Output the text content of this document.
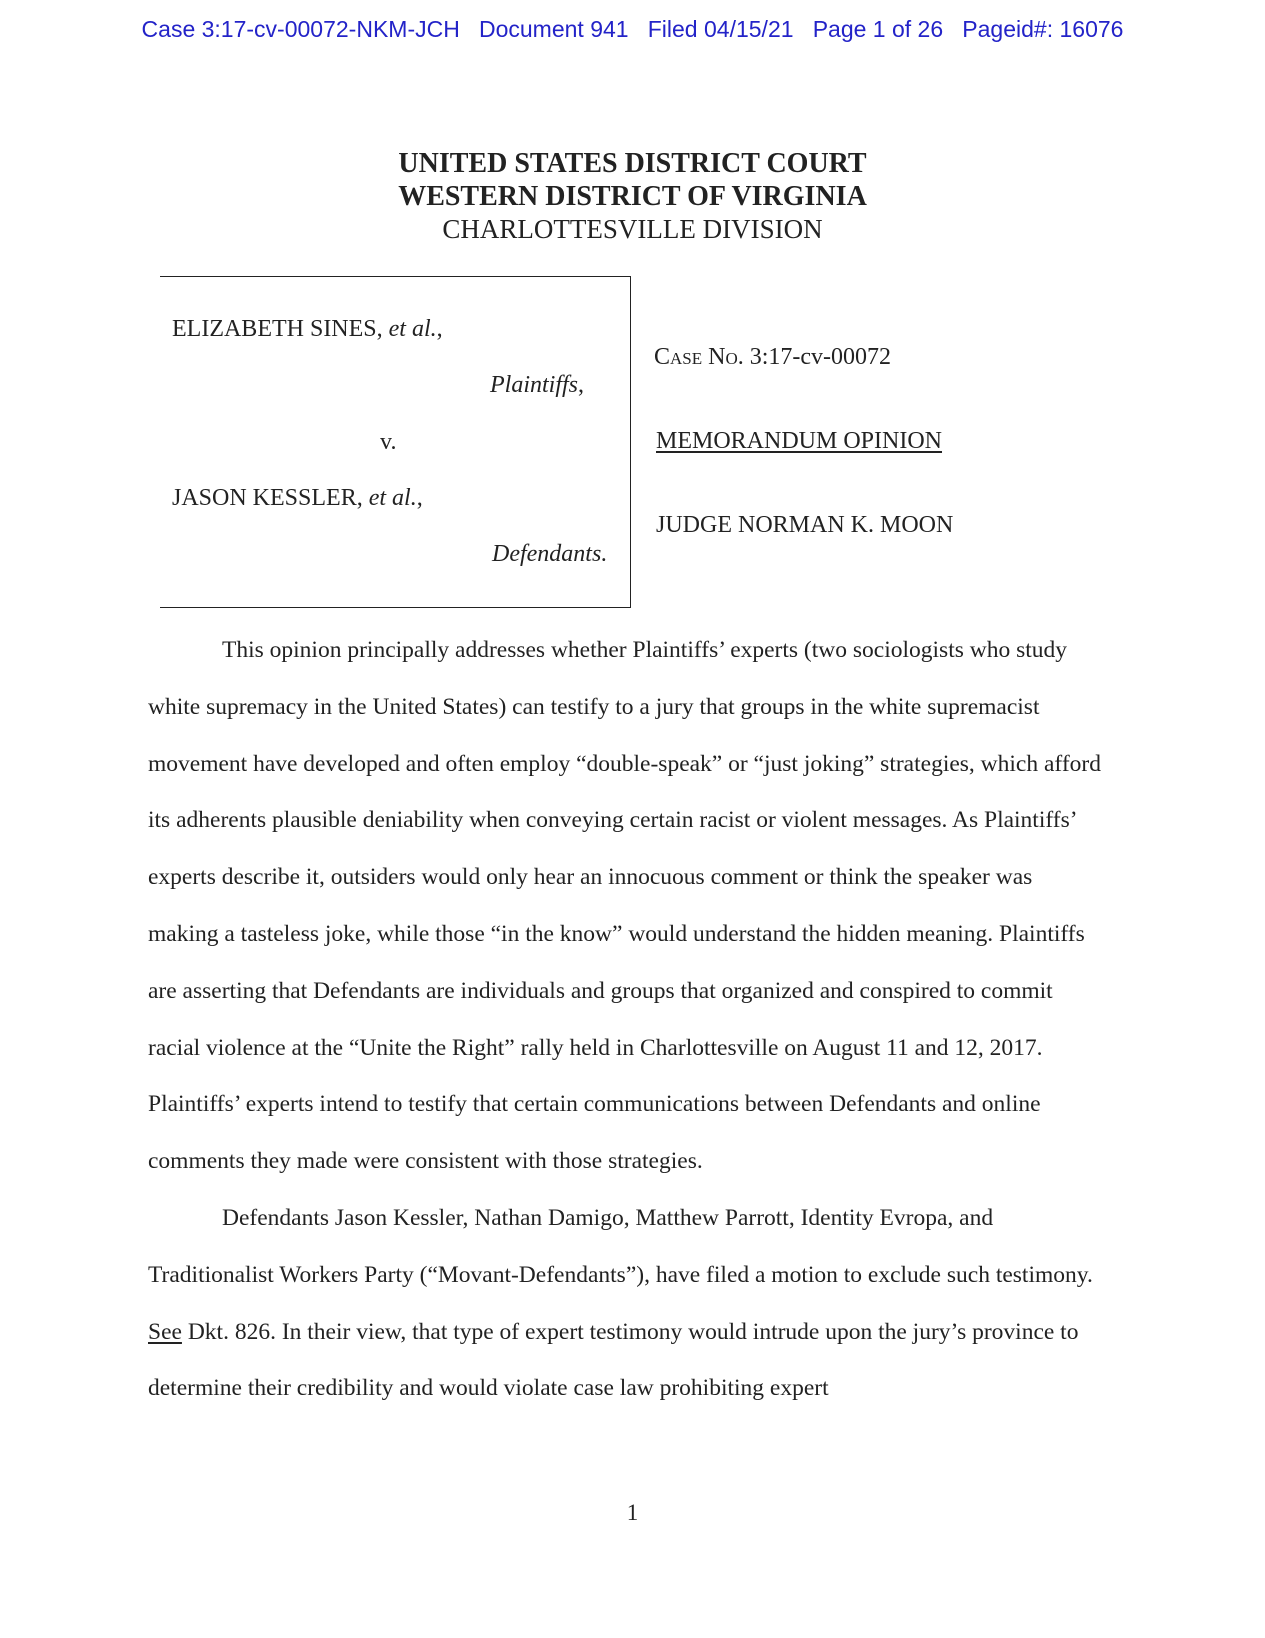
Case 3:17-cv-00072-NKM-JCH   Document 941   Filed 04/15/21   Page 1 of 26   Pageid#: 16076
UNITED STATES DISTRICT COURT
WESTERN DISTRICT OF VIRGINIA
CHARLOTTESVILLE DIVISION
ELIZABETH SINES, et al.,
Plaintiffs,
v.
JASON KESSLER, et al.,
Defendants.
Case No. 3:17-cv-00072
MEMORANDUM OPINION
JUDGE NORMAN K. MOON

This opinion principally addresses whether Plaintiffs’ experts (two sociologists who study white supremacy in the United States) can testify to a jury that groups in the white supremacist movement have developed and often employ “double-speak” or “just joking” strategies, which afford its adherents plausible deniability when conveying certain racist or violent messages. As Plaintiffs’ experts describe it, outsiders would only hear an innocuous comment or think the speaker was making a tasteless joke, while those “in the know” would understand the hidden meaning. Plaintiffs are asserting that Defendants are individuals and groups that organized and conspired to commit racial violence at the “Unite the Right” rally held in Charlottesville on August 11 and 12, 2017. Plaintiffs’ experts intend to testify that certain communications between Defendants and online comments they made were consistent with those strategies.

Defendants Jason Kessler, Nathan Damigo, Matthew Parrott, Identity Evropa, and Traditionalist Workers Party (“Movant-Defendants”), have filed a motion to exclude such testimony. See Dkt. 826. In their view, that type of expert testimony would intrude upon the jury’s province to determine their credibility and would violate case law prohibiting expert

1
